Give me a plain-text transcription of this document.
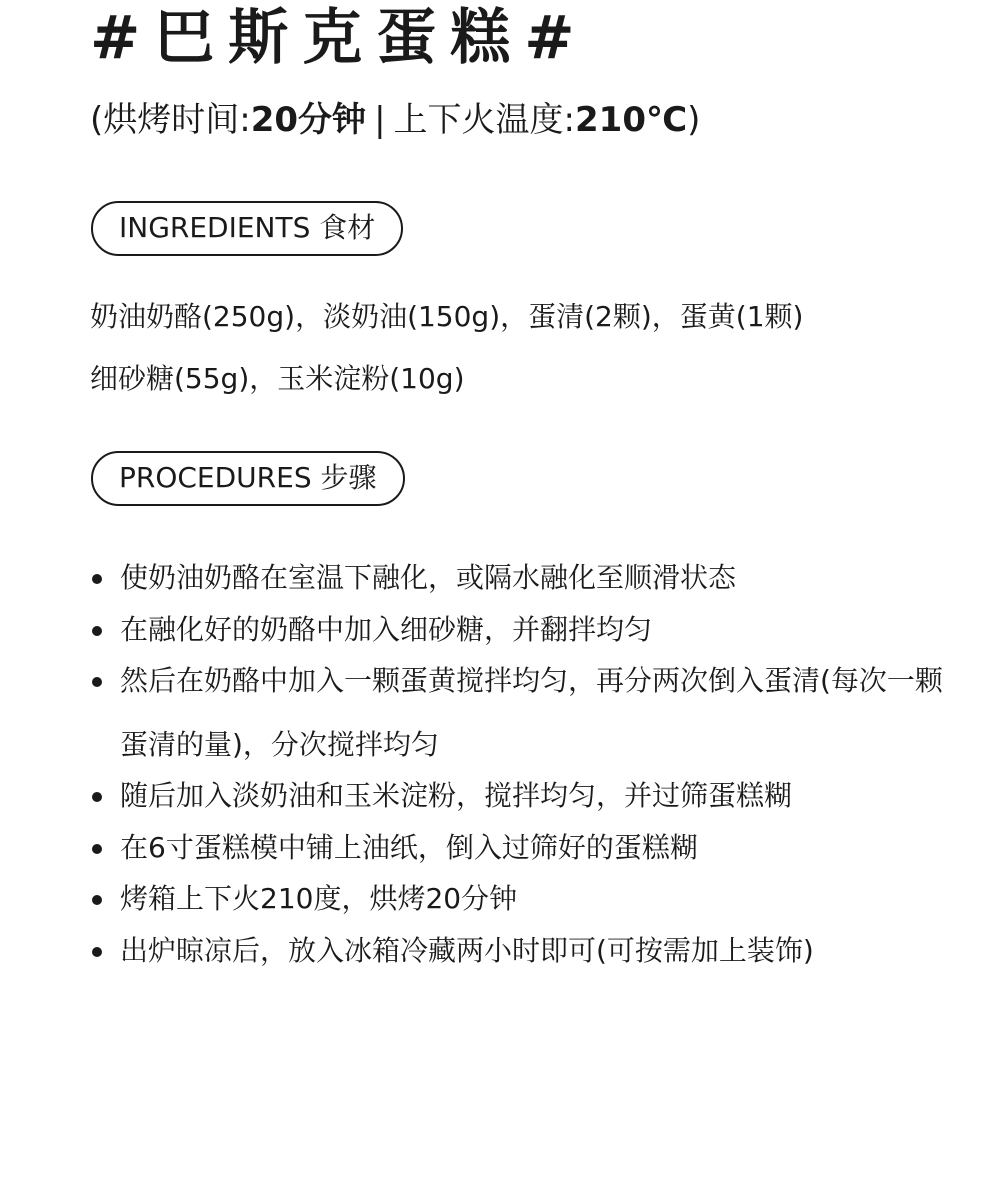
#巴斯克蛋糕#
(烘烤时间:20分钟 | 上下火温度:210℃)
INGREDIENTS 食材
奶油奶酪(250g)，淡奶油(150g)，蛋清(2颗)，蛋黄(1颗)
细砂糖(55g)，玉米淀粉(10g)
PROCEDURES 步骤
使奶油奶酪在室温下融化，或隔水融化至顺滑状态
在融化好的奶酪中加入细砂糖，并翻拌均匀
然后在奶酪中加入一颗蛋黄搅拌均匀，再分两次倒入蛋清(每次一颗蛋清的量)，分次搅拌均匀
随后加入淡奶油和玉米淀粉，搅拌均匀，并过筛蛋糕糊
在6寸蛋糕模中铺上油纸，倒入过筛好的蛋糕糊
烤箱上下火210度，烘烤20分钟
出炉晾凉后，放入冰箱冷藏两小时即可(可按需加上装饰)
